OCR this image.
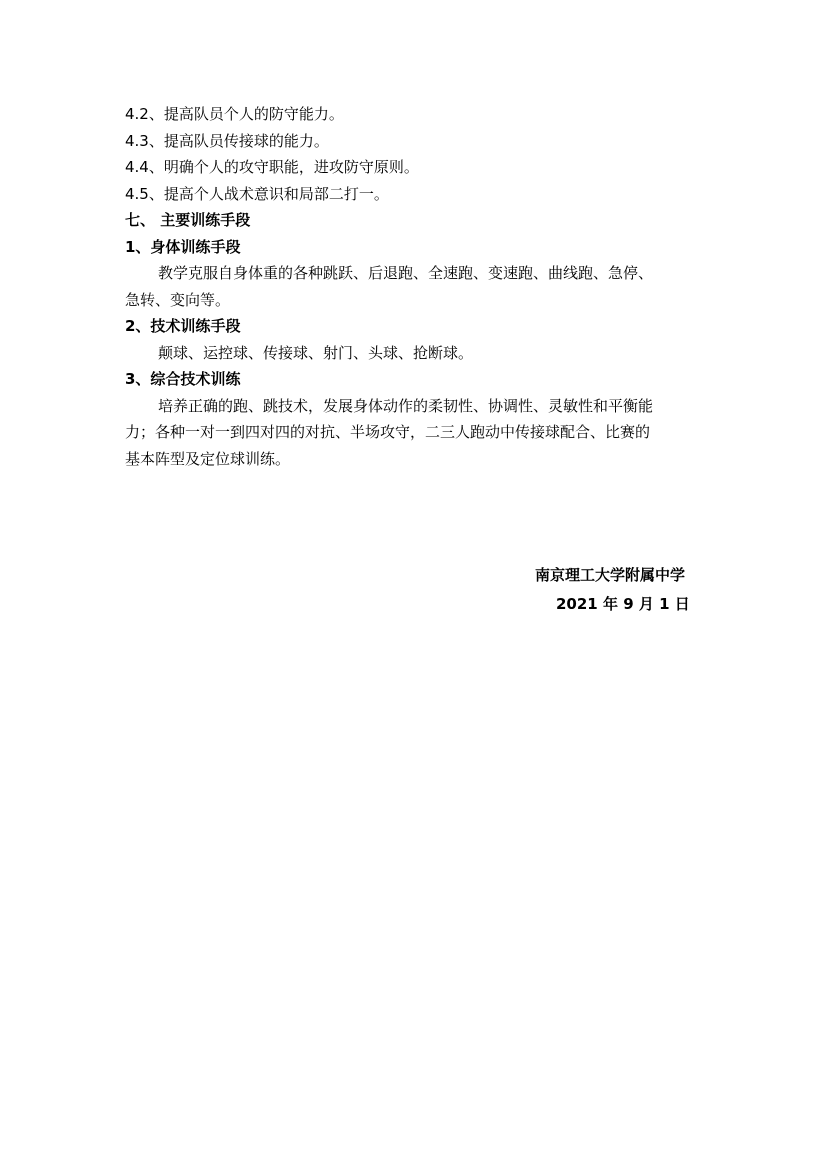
4.2、提高队员个人的防守能力。

4.3、提高队员传接球的能力。

4.4、明确个人的攻守职能，进攻防守原则。

4.5、提高个人战术意识和局部二打一。

七、 主要训练手段

1、身体训练手段

教学克服自身体重的各种跳跃、后退跑、全速跑、变速跑、曲线跑、急停、
急转、变向等。

2、技术训练手段

颠球、运控球、传接球、射门、头球、抢断球。

3、综合技术训练

培养正确的跑、跳技术，发展身体动作的柔韧性、协调性、灵敏性和平衡能
力；各种一对一到四对四的对抗、半场攻守，二三人跑动中传接球配合、比赛的
基本阵型及定位球训练。
南京理工大学附属中学
2021 年 9 月 1 日
